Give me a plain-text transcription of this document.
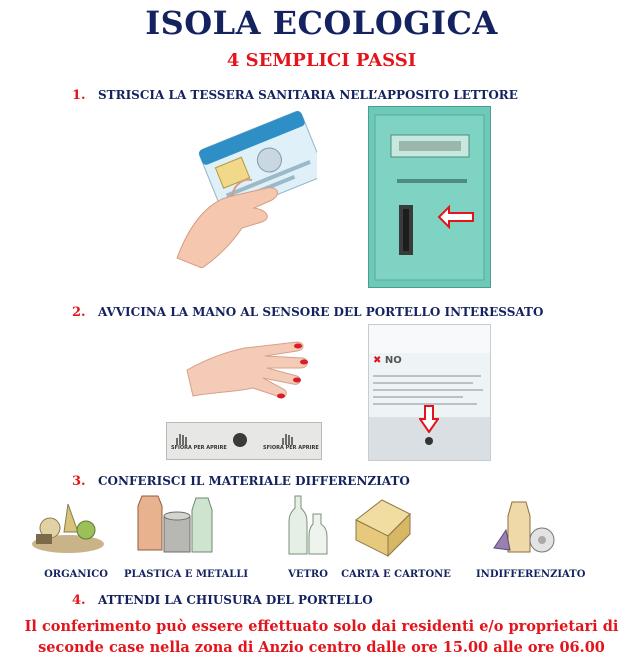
ISOLA ECOLOGICA
4 SEMPLICI PASSI
1. STRISCIA LA TESSERA SANITARIA NELL’APPOSITO LETTORE
2. AVVICINA LA MANO AL SENSORE DEL PORTELLO INTERESSATO
SFIORA PER APRIRE	SFIORA PER APRIRE
✖ NO
3. CONFERISCI IL MATERIALE DIFFERENZIATO
ORGANICO PLASTICA E METALLI	VETRO CARTA E CARTONE	INDIFFERENZIATO
4. ATTENDI LA CHIUSURA DEL PORTELLO
Il conferimento può essere effettuato solo dai residenti e/o proprietari di
seconde case nella zona di Anzio centro dalle ore 15.00 alle ore 06.00
